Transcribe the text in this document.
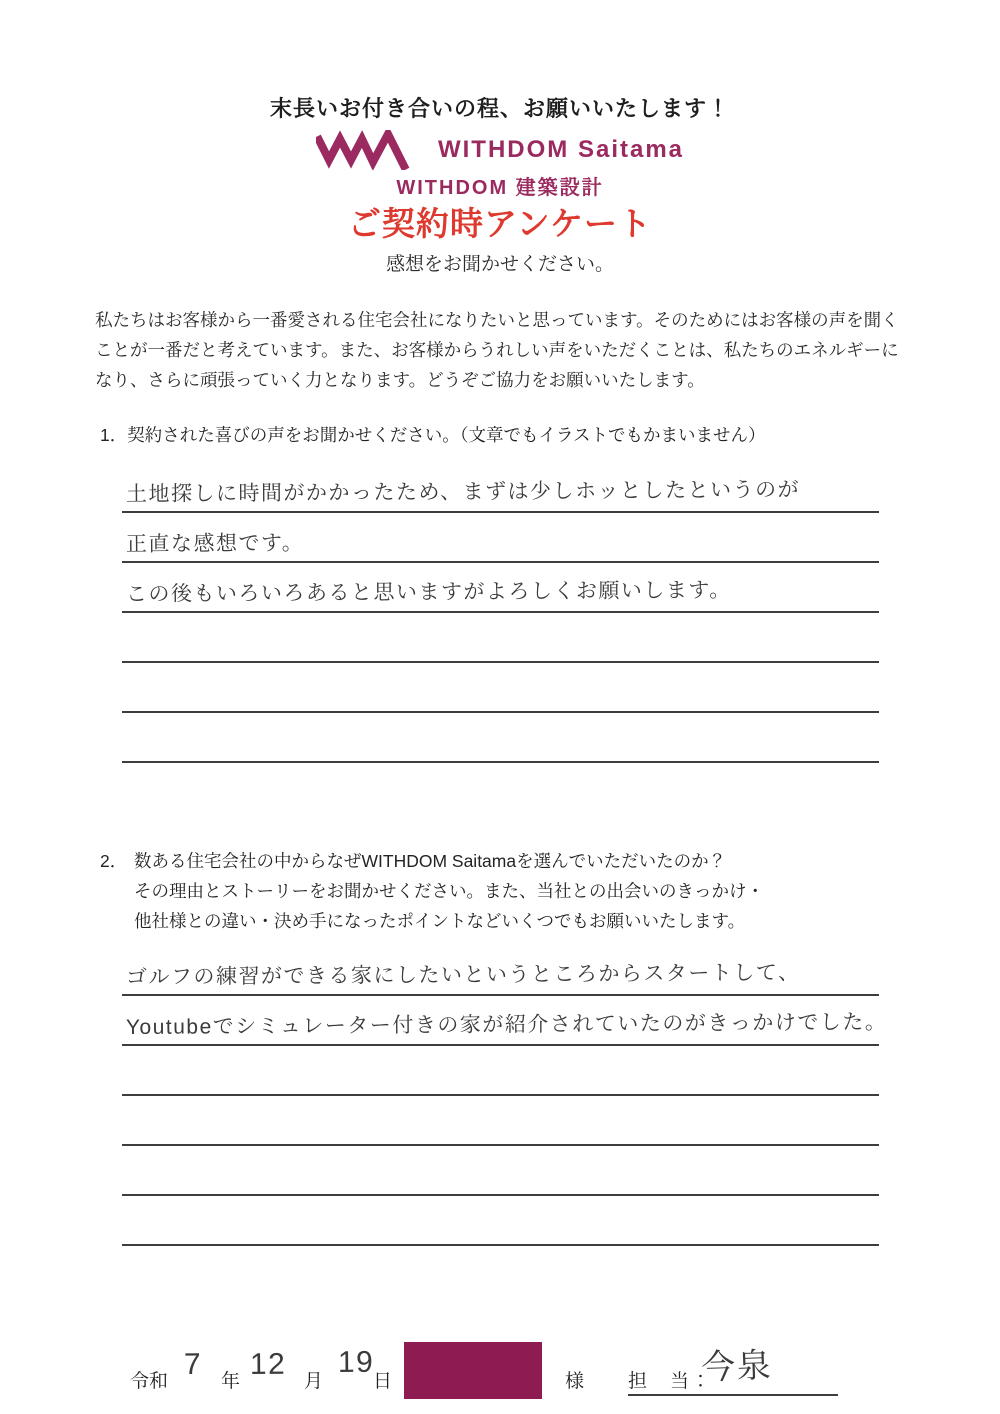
末長いお付き合いの程、お願いいたします！
WITHDOM Saitama
WITHDOM 建築設計
ご契約時アンケート
感想をお聞かせください。

私たちはお客様から一番愛される住宅会社になりたいと思っています。そのためにはお客様の声を聞くことが一番だと考えています。また、お客様からうれしい声をいただくことは、私たちのエネルギーになり、さらに頑張っていく力となります。どうぞご協力をお願いいたします。

1．契約された喜びの声をお聞かせください。（文章でもイラストでもかまいません）
土地探しに時間がかかったため、まずは少しホッとしたというのが
正直な感想です。
この後もいろいろあると思いますがよろしくお願いします。
2． 数ある住宅会社の中からなぜWITHDOM Saitamaを選んでいただいたのか？
その理由とストーリーをお聞かせください。また、当社との出会いのきっかけ・
他社様との違い・決め手になったポイントなどいくつでもお願いいたします。
ゴルフの練習ができる家にしたいというところからスタートして、
Youtubeでシミュレーター付きの家が紹介されていたのがきっかけでした。
令和
7
年
12
月
19
日	様 担　当：
今泉
